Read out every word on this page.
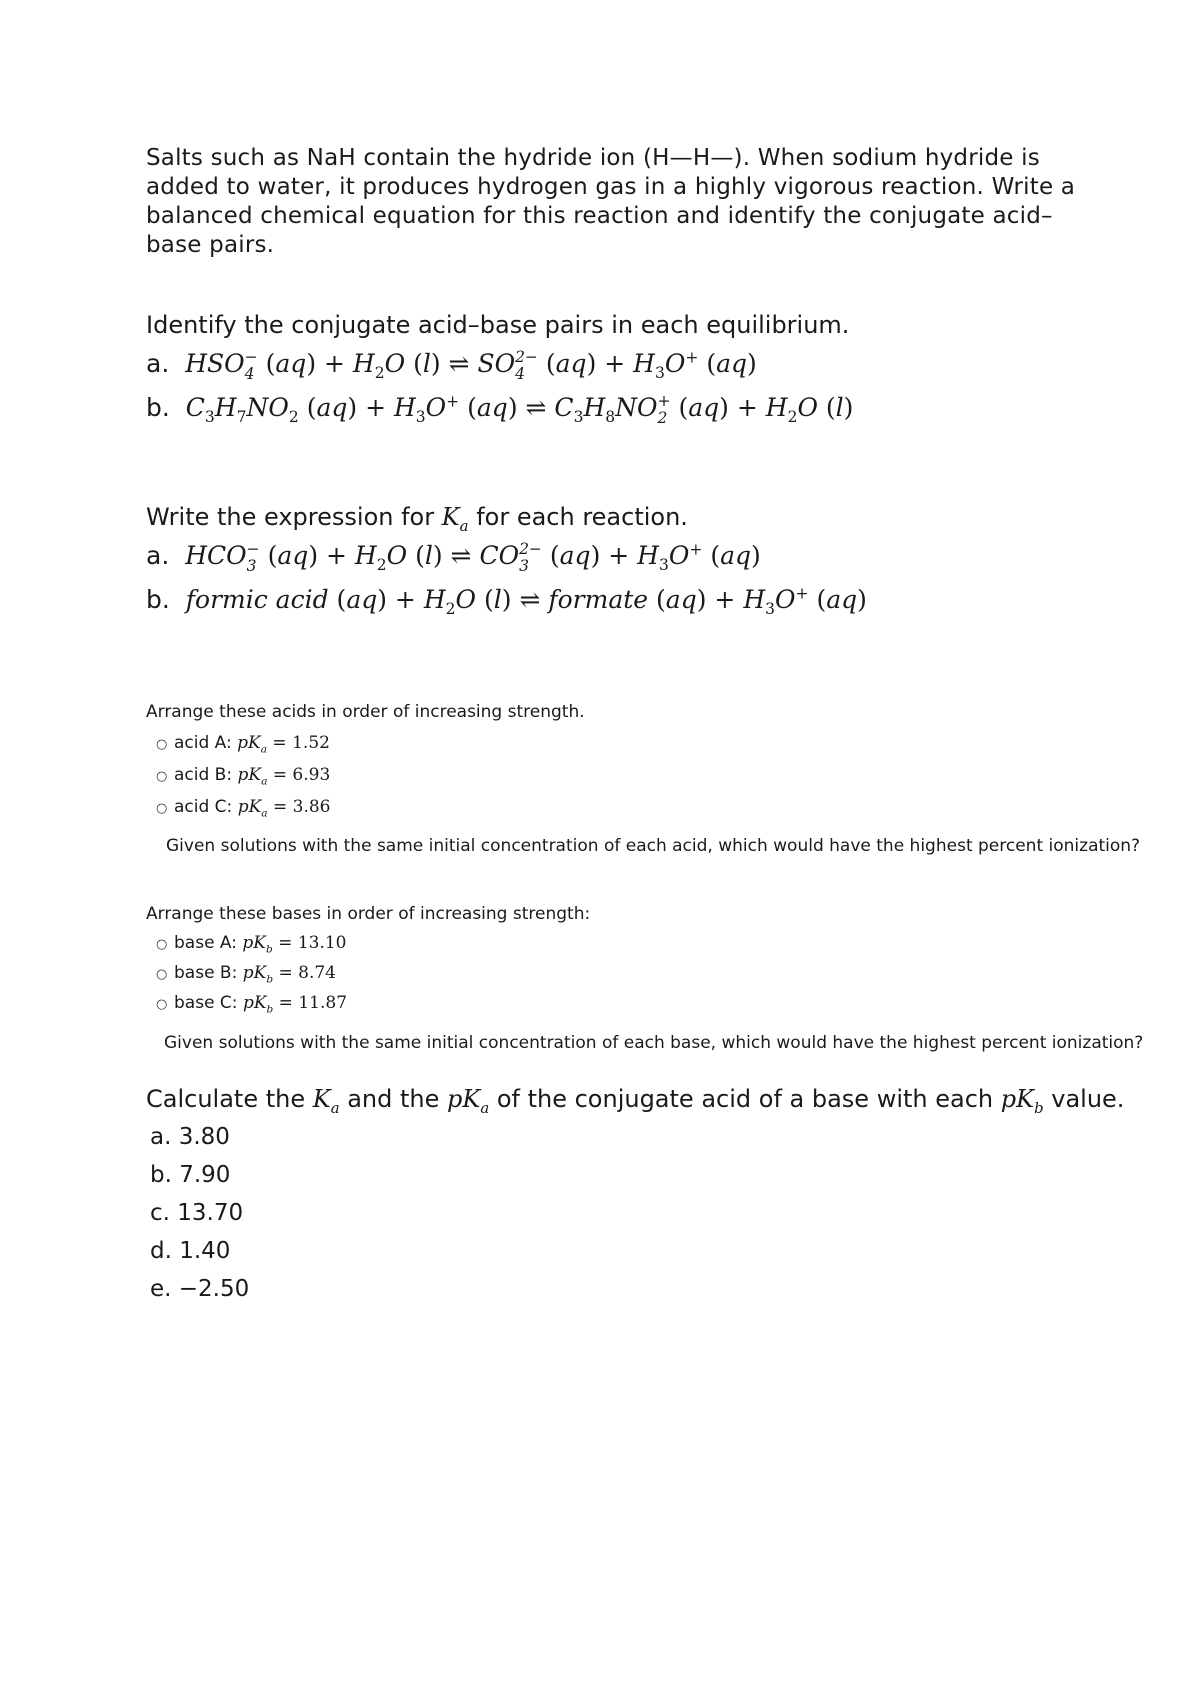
Salts such as NaH contain the hydride ion (H—H—). When sodium hydride is added to water, it produces hydrogen gas in a highly vigorous reaction. Write a balanced chemical equation for this reaction and identify the conjugate acid–base pairs.
Identify the conjugate acid–base pairs in each equilibrium.
a. HSO −
4 $(aq) + H_2O$ (l) ⇌ SO 2−
4 $(aq) + H_3O^+$ (aq)
b. $C_3H_7NO_2$ $(aq) + H_3O^+$ (aq) ⇌ $C_3H_8NO$ +
2 $(aq) + H_2O$ (l)
Write the expression for $K_a$ for each reaction.
a. HCO −
3 $(aq) + H_2O$ (l) ⇌ CO 2−
3 $(aq) + H_3O^+$ (aq)
b. formic acid $(aq) + H_2O$ (l) ⇌ formate $(aq) + H_3O^+$ (aq)
Arrange these acids in order of increasing strength.
○ acid A: $pK_a = 1.52$
○ acid B: $pK_a = 6.93$
○ acid C: $pK_a = 3.86$
Given solutions with the same initial concentration of each acid, which would have the highest percent ionization?
Arrange these bases in order of increasing strength:
○ base A: $pK_b = 13.10$
○ base B: $pK_b = 8.74$
○ base C: $pK_b = 11.87$
Given solutions with the same initial concentration of each base, which would have the highest percent ionization?
Calculate the $K_a$ and the $pK_a$ of the conjugate acid of a base with each $pK_b$ value.
a. 3.80
b. 7.90
c. 13.70
d. 1.40
e. −2.50
